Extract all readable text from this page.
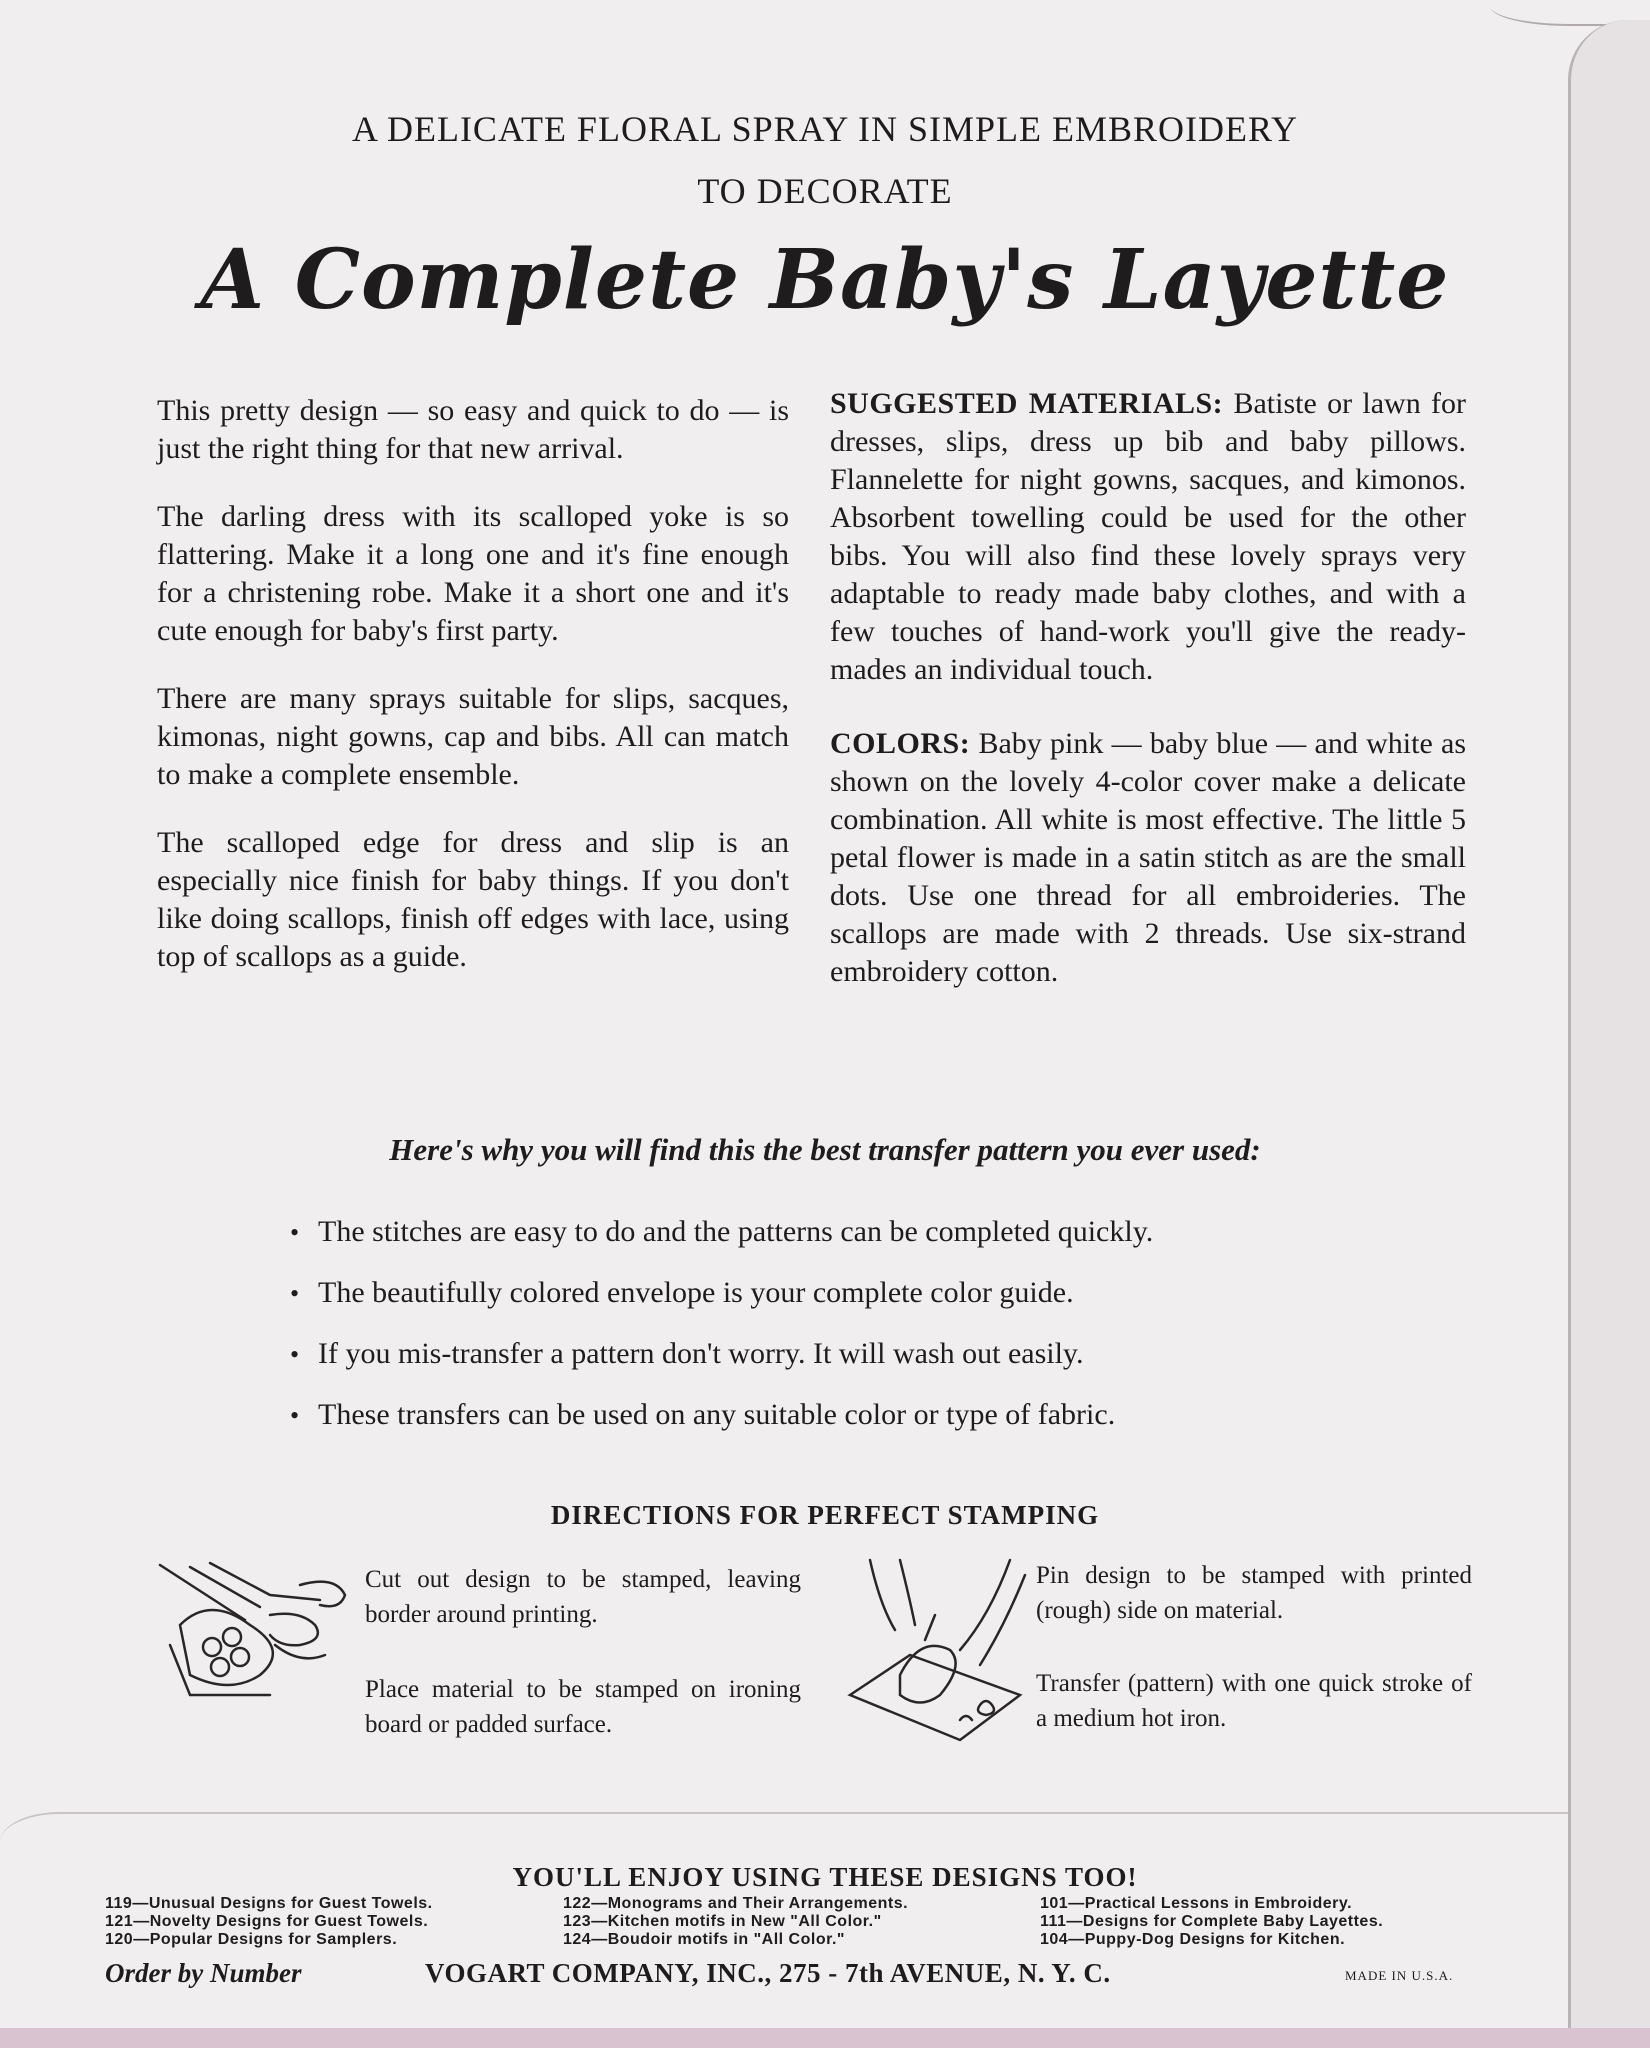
A DELICATE FLORAL SPRAY IN SIMPLE EMBROIDERY
TO DECORATE
A Complete Baby's Layette

This pretty design — so easy and quick to do — is just the right thing for that new arrival.

The darling dress with its scalloped yoke is so flattering. Make it a long one and it's fine enough for a christening robe. Make it a short one and it's cute enough for baby's first party.

There are many sprays suitable for slips, sacques, kimonas, night gowns, cap and bibs. All can match to make a complete ensemble.

The scalloped edge for dress and slip is an especially nice finish for baby things. If you don't like doing scallops, finish off edges with lace, using top of scallops as a guide.

SUGGESTED MATERIALS: Batiste or lawn for dresses, slips, dress up bib and baby pillows. Flannelette for night gowns, sacques, and kimonos. Absorbent towelling could be used for the other bibs. You will also find these lovely sprays very adaptable to ready made baby clothes, and with a few touches of hand-work you'll give the ready-mades an individual touch.

COLORS: Baby pink — baby blue — and white as shown on the lovely 4-color cover make a delicate combination. All white is most effective. The little 5 petal flower is made in a satin stitch as are the small dots. Use one thread for all embroideries. The scallops are made with 2 threads. Use six-strand embroidery cotton.

Here's why you will find this the best transfer pattern you ever used:
• The stitches are easy to do and the patterns can be completed quickly.
• The beautifully colored envelope is your complete color guide.
• If you mis-transfer a pattern don't worry. It will wash out easily.
• These transfers can be used on any suitable color or type of fabric.
DIRECTIONS FOR PERFECT STAMPING
Cut out design to be stamped, leaving border around printing.
Place material to be stamped on ironing board or padded surface.
Pin design to be stamped with printed (rough) side on material.
Transfer (pattern) with one quick stroke of a medium hot iron.
YOU'LL ENJOY USING THESE DESIGNS TOO!
119—Unusual Designs for Guest Towels.
121—Novelty Designs for Guest Towels.
120—Popular Designs for Samplers.
122—Monograms and Their Arrangements.
123—Kitchen motifs in New "All Color."
124—Boudoir motifs in "All Color."
101—Practical Lessons in Embroidery.
111—Designs for Complete Baby Layettes.
104—Puppy-Dog Designs for Kitchen.
Order by Number	VOGART COMPANY, INC., 275 - 7th AVENUE, N. Y. C.	MADE IN U.S.A.
